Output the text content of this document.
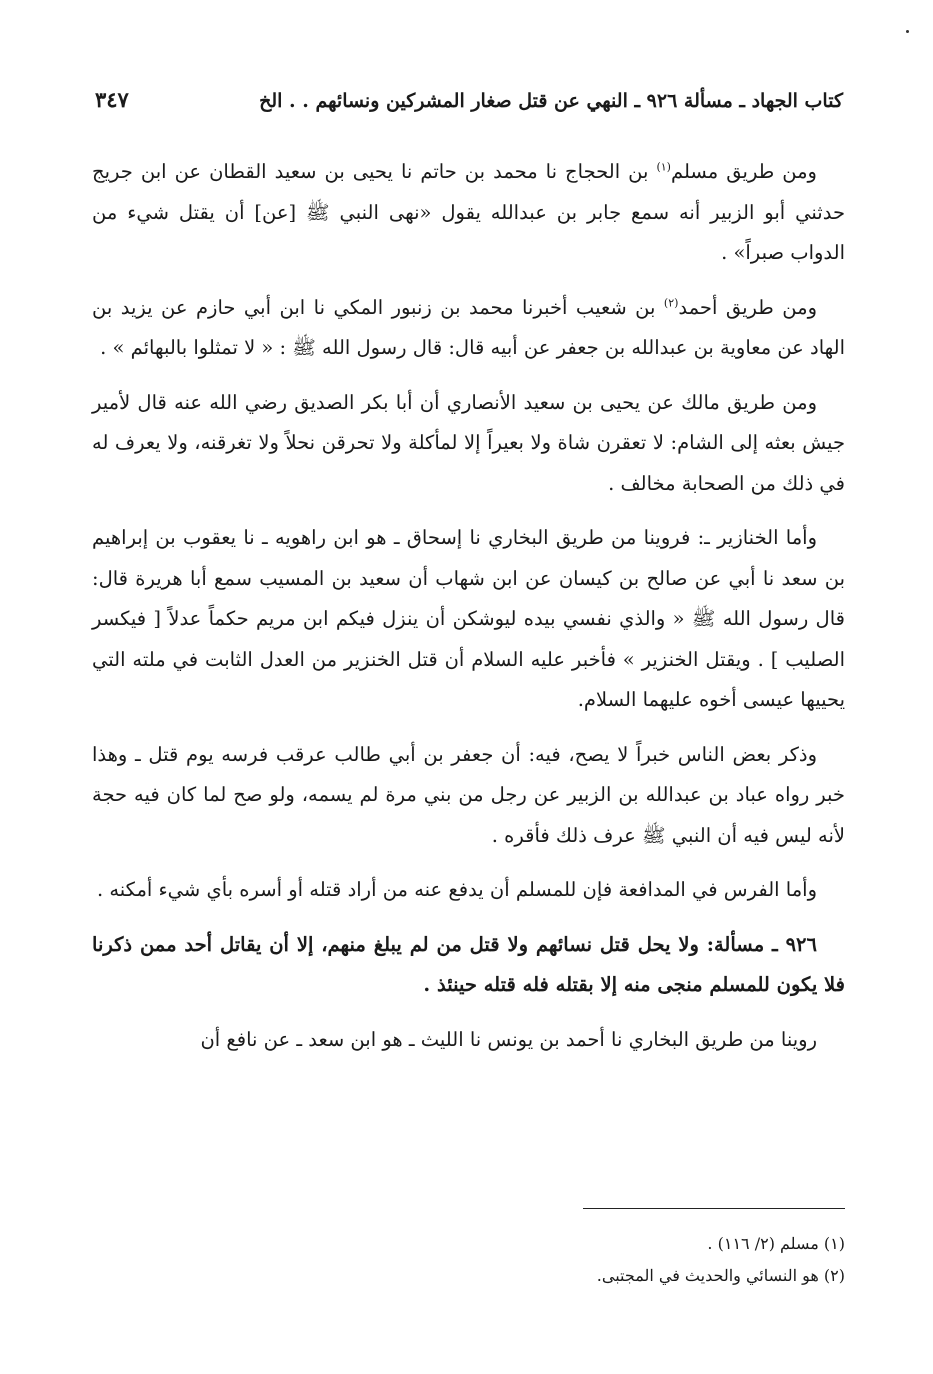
كتاب الجهاد ـ مسألة ٩٢٦ ـ النهي عن قتل صغار المشركين ونسائهم . . الخ
٣٤٧

ومن طريق مسلم$^{(١)}$ بن الحجاج نا محمد بن حاتم نا يحيى بن سعيد القطان عن ابن جريج حدثني أبو الزبير أنه سمع جابر بن عبدالله يقول «نهى النبي ﷺ [عن] أن يقتل شيء من الدواب صبراً» .

ومن طريق أحمد$^{(٢)}$ بن شعيب أخبرنا محمد بن زنبور المكي نا ابن أبي حازم عن يزيد بن الهاد عن معاوية بن عبدالله بن جعفر عن أبيه قال: قال رسول الله ﷺ : « لا تمثلوا بالبهائم » .

ومن طريق مالك عن يحيى بن سعيد الأنصاري أن أبا بكر الصديق رضي الله عنه قال لأمير جيش بعثه إلى الشام: لا تعقرن شاة ولا بعيراً إلا لمأكلة ولا تحرقن نحلاً ولا تغرقنه، ولا يعرف له في ذلك من الصحابة مخالف .

وأما الخنازير ـ: فروينا من طريق البخاري نا إسحاق ـ هو ابن راهويه ـ نا يعقوب بن إبراهيم بن سعد نا أبي عن صالح بن كيسان عن ابن شهاب أن سعيد بن المسيب سمع أبا هريرة قال: قال رسول الله ﷺ « والذي نفسي بيده ليوشكن أن ينزل فيكم ابن مريم حكماً عدلاً [ فيكسر الصليب ] . ويقتل الخنزير » فأخبر عليه السلام أن قتل الخنزير من العدل الثابت في ملته التي يحييها عيسى أخوه عليهما السلام.

وذكر بعض الناس خبراً لا يصح، فيه: أن جعفر بن أبي طالب عرقب فرسه يوم قتل ـ وهذا خبر رواه عباد بن عبدالله بن الزبير عن رجل من بني مرة لم يسمه، ولو صح لما كان فيه حجة لأنه ليس فيه أن النبي ﷺ عرف ذلك فأقره .

وأما الفرس في المدافعة فإن للمسلم أن يدفع عنه من أراد قتله أو أسره بأي شيء أمكنه .

٩٢٦ ـ مسألة: ولا يحل قتل نسائهم ولا قتل من لم يبلغ منهم، إلا أن يقاتل أحد ممن ذكرنا فلا يكون للمسلم منجى منه إلا بقتله فله قتله حينئذ .

روينا من طريق البخاري نا أحمد بن يونس نا الليث ـ هو ابن سعد ـ عن نافع أن

(١) مسلم (٢/ ١١٦) .

(٢) هو النسائي والحديث في المجتبى.
